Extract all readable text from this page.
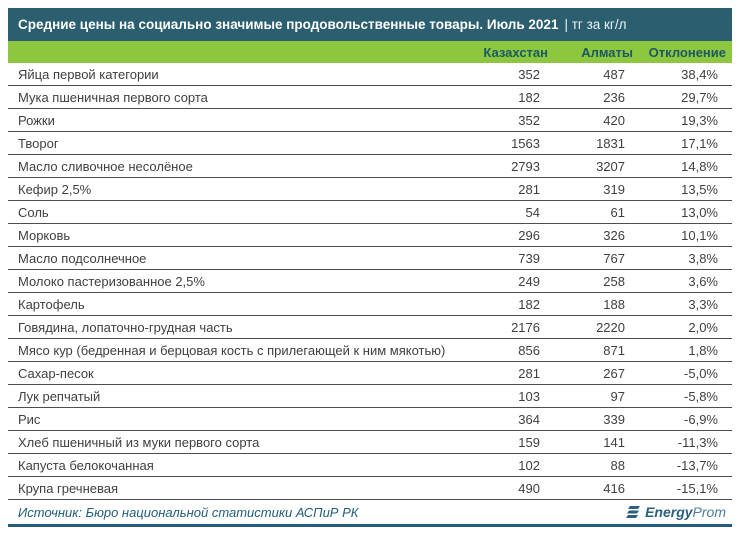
Средние цены на социально значимые продовольственные товары. Июль 2021 | тг за кг/л
Казахстан	Алматы	Отклонение
Яйца первой категории	352	487	38,4%
Мука пшеничная первого сорта	182	236	29,7%
Рожки	352	420	19,3%
Творог	1563	1831	17,1%
Масло сливочное несолёное	2793	3207	14,8%
Кефир 2,5%	281	319	13,5%
Соль	54	61	13,0%
Морковь	296	326	10,1%
Масло подсолнечное	739	767	3,8%
Молоко пастеризованное 2,5%	249	258	3,6%
Картофель	182	188	3,3%
Говядина, лопаточно-грудная часть	2176	2220	2,0%
Мясо кур (бедренная и берцовая кость с прилегающей к ним мякотью)	856	871	1,8%
Сахар-песок	281	267	-5,0%
Лук репчатый	103	97	-5,8%
Рис	364	339	-6,9%
Хлеб пшеничный из муки первого сорта	159	141	-11,3%
Капуста белокочанная	102	88	-13,7%
Крупа гречневая	490	416	-15,1%
Источник: Бюро национальной статистики АСПиР РК	EnergyProm
